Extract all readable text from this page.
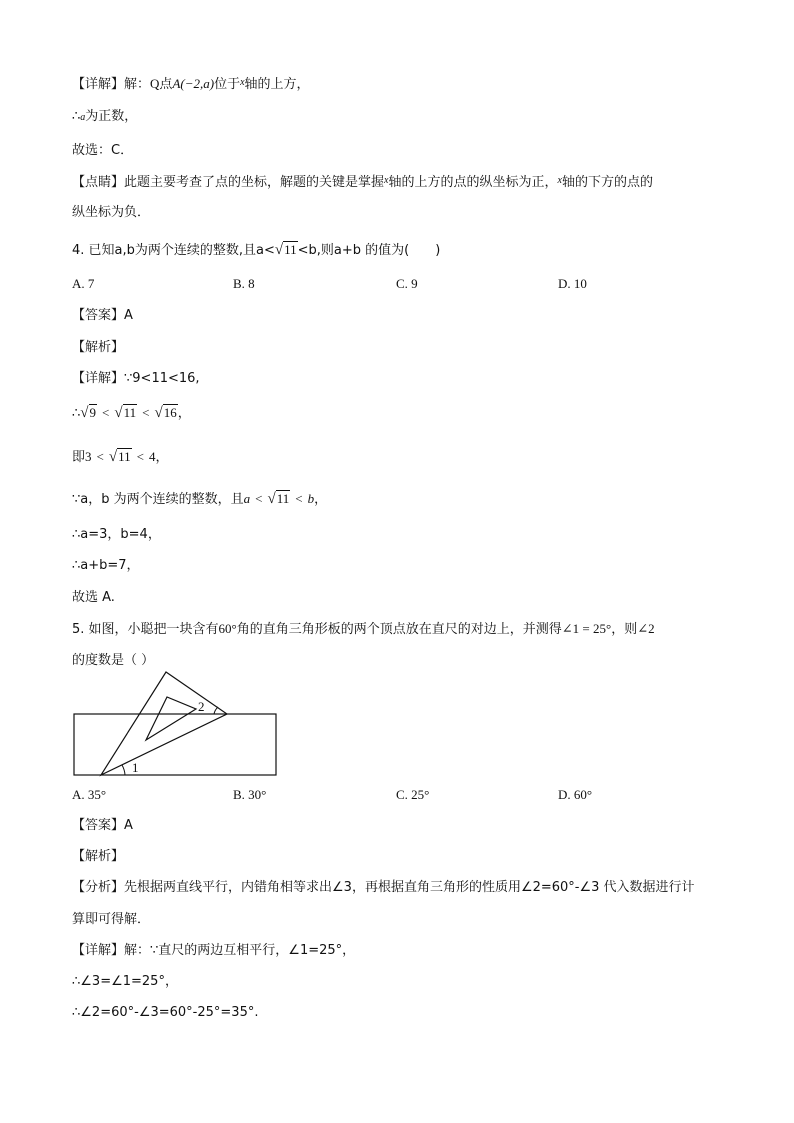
【详解】解：Q点A(−2,a)位于$^x$轴的上方，
∴a为正数，
故选：C．
【点睛】此题主要考查了点的坐标，解题的关键是掌握$^x$轴的上方的点的纵坐标为正，$^x$轴的下方的点的
纵坐标为负．
4. 已知a,b为两个连续的整数,且a<√11<b,则a+b 的值为( )
A. 7	B. 8	C. 9	D. 10
【答案】A
【解析】
【详解】∵9<11<16,
∴√9 < √11 < √16，
即3 < √11 < 4，
∵a，b 为两个连续的整数，且a < √11 < b，
∴a=3，b=4，
∴a+b=7，
故选 A.
5. 如图，小聪把一块含有60°角的直角三角形板的两个顶点放在直尺的对边上，并测得∠1 = 25°，则∠2
的度数是（ ）
1
2
A. 35°	B. 30°	C. 25°	D. 60°
【答案】A
【解析】
【分析】先根据两直线平行，内错角相等求出∠3，再根据直角三角形的性质用∠2=60°-∠3 代入数据进行计
算即可得解．
【详解】解：∵直尺的两边互相平行，∠1=25°，
∴∠3=∠1=25°，
∴∠2=60°-∠3=60°-25°=35°.
